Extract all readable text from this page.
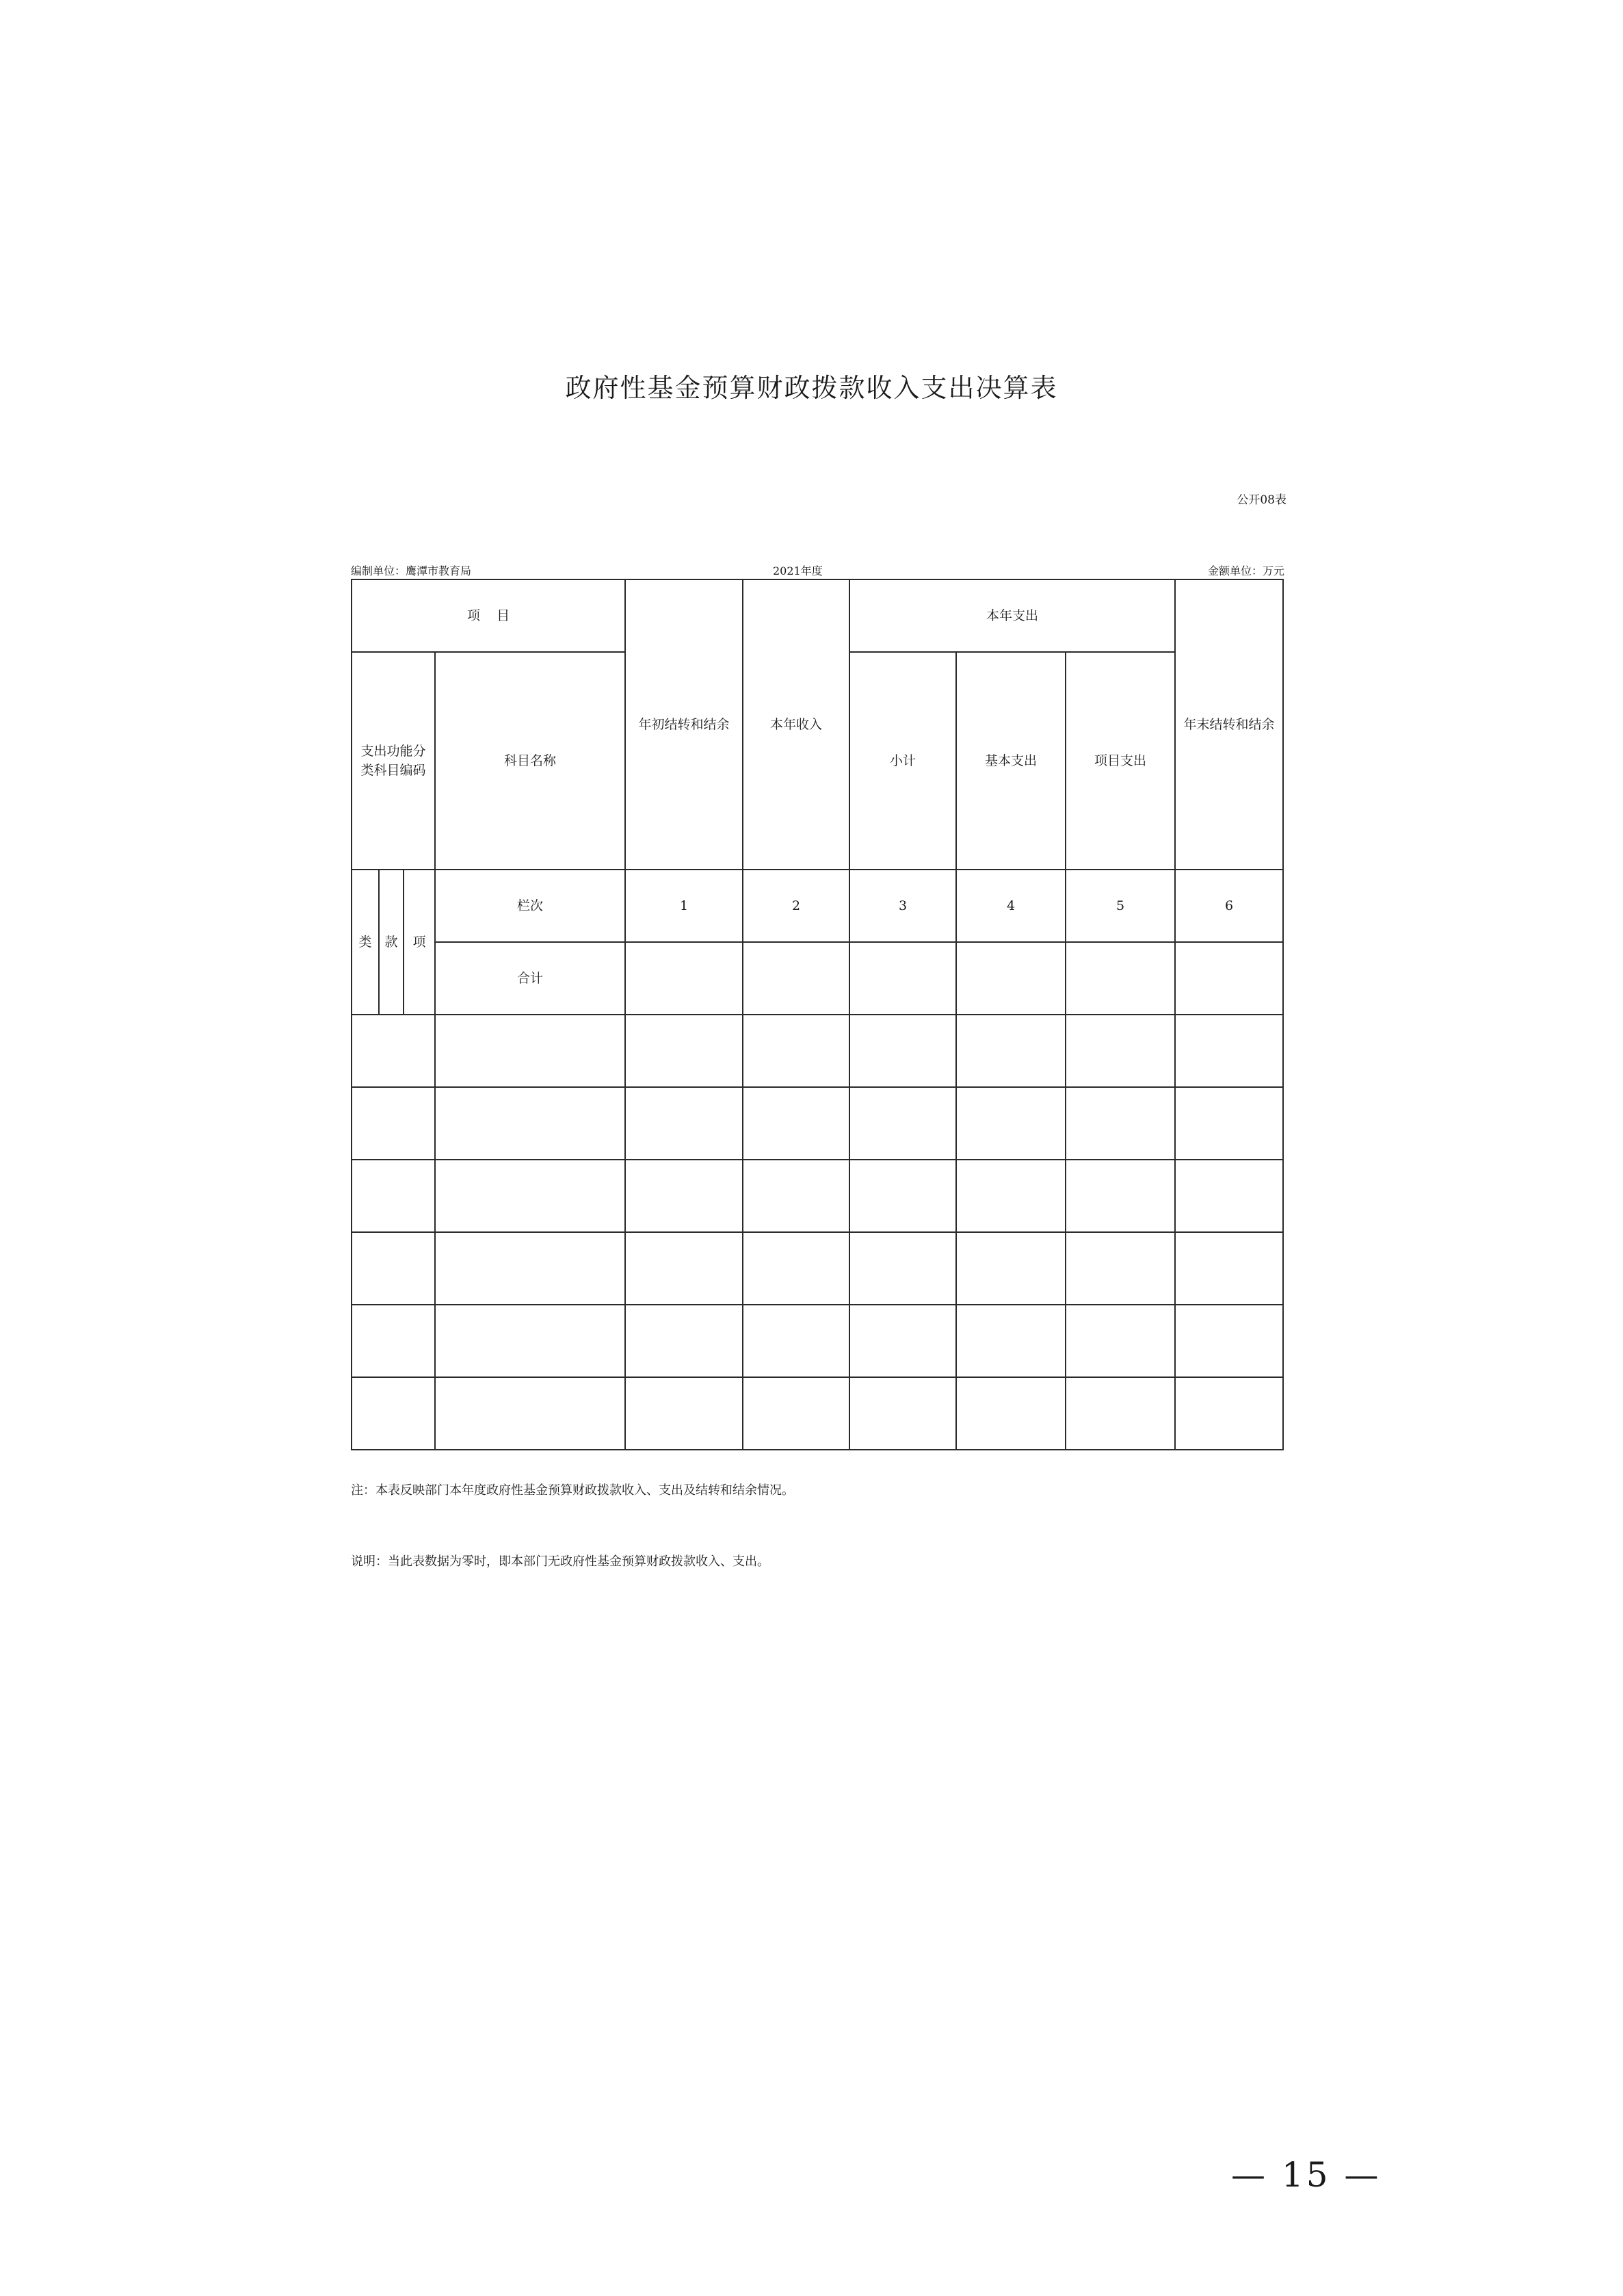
政府性基金预算财政拨款收入支出决算表
公开08表
编制单位：鹰潭市教育局	2021年度	金额单位：万元
项    目				年初结转和结余	本年收入	本年支出			年末结转和结余
支出功能分类科目编码			科目名称			小计	基本支出	项目支出	
类	款	项	栏次	1	2	3	4	5	6
			合计						

注：本表反映部门本年度政府性基金预算财政拨款收入、支出及结转和结余情况。
说明：当此表数据为零时，即本部门无政府性基金预算财政拨款收入、支出。
— 15 —
